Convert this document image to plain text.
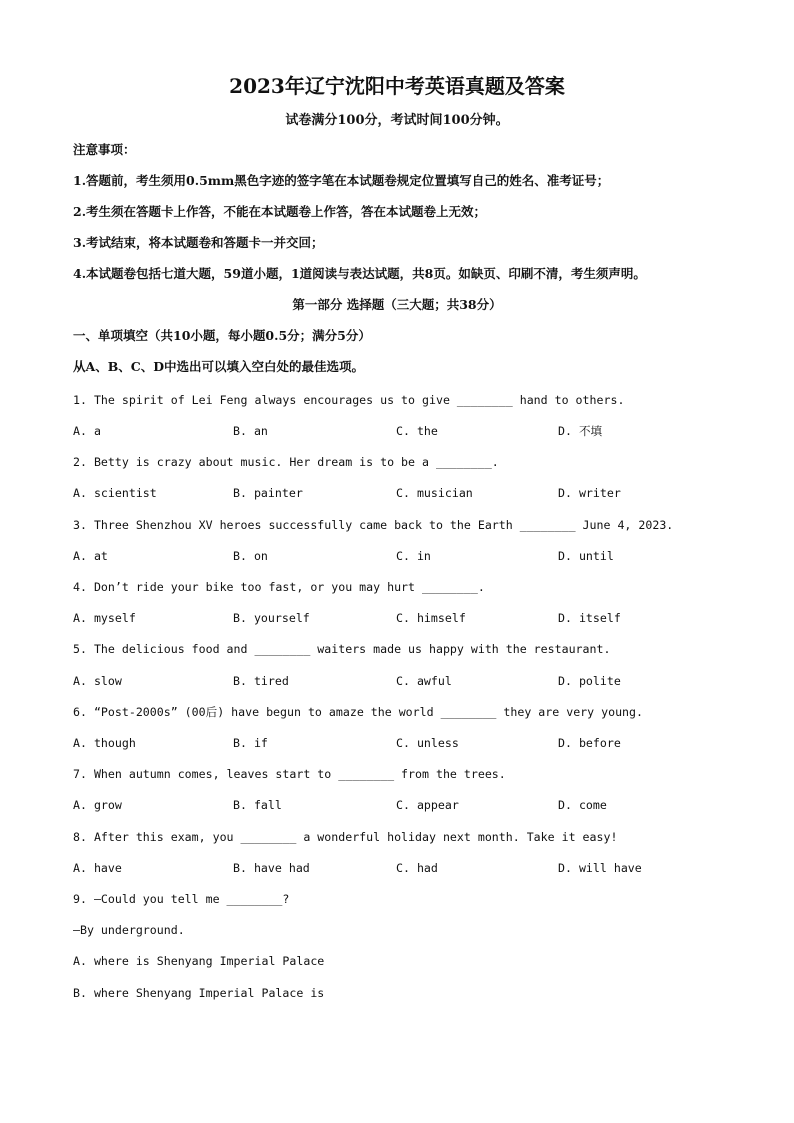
2023年辽宁沈阳中考英语真题及答案
试卷满分100分，考试时间100分钟。
注意事项：
1.答题前，考生须用0.5mm黑色字迹的签字笔在本试题卷规定位置填写自己的姓名、准考证号；
2.考生须在答题卡上作答，不能在本试题卷上作答，答在本试题卷上无效；
3.考试结束，将本试题卷和答题卡一并交回；
4.本试题卷包括七道大题，59道小题，1道阅读与表达试题，共8页。如缺页、印刷不清，考生须声明。
第一部分 选择题（三大题；共38分）
一、单项填空（共10小题，每小题0.5分；满分5分）
从A、B、C、D中选出可以填入空白处的最佳选项。
1. The spirit of Lei Feng always encourages us to give ________ hand to others.
A. a	B. an	C. the	D. 不填
2. Betty is crazy about music. Her dream is to be a ________.
A. scientist	B. painter	C. musician	D. writer
3. Three Shenzhou XV heroes successfully came back to the Earth ________ June 4, 2023.
A. at	B. on	C. in	D. until
4. Don’t ride your bike too fast, or you may hurt ________.
A. myself	B. yourself	C. himself	D. itself
5. The delicious food and ________ waiters made us happy with the restaurant.
A. slow	B. tired	C. awful	D. polite
6. “Post-2000s” (00后) have begun to amaze the world ________ they are very young.
A. though	B. if	C. unless	D. before
7. When autumn comes, leaves start to ________ from the trees.
A. grow	B. fall	C. appear	D. come
8. After this exam, you ________ a wonderful holiday next month. Take it easy!
A. have	B. have had	C. had	D. will have
9. —Could you tell me ________?
—By underground.
A. where is Shenyang Imperial Palace
B. where Shenyang Imperial Palace is
